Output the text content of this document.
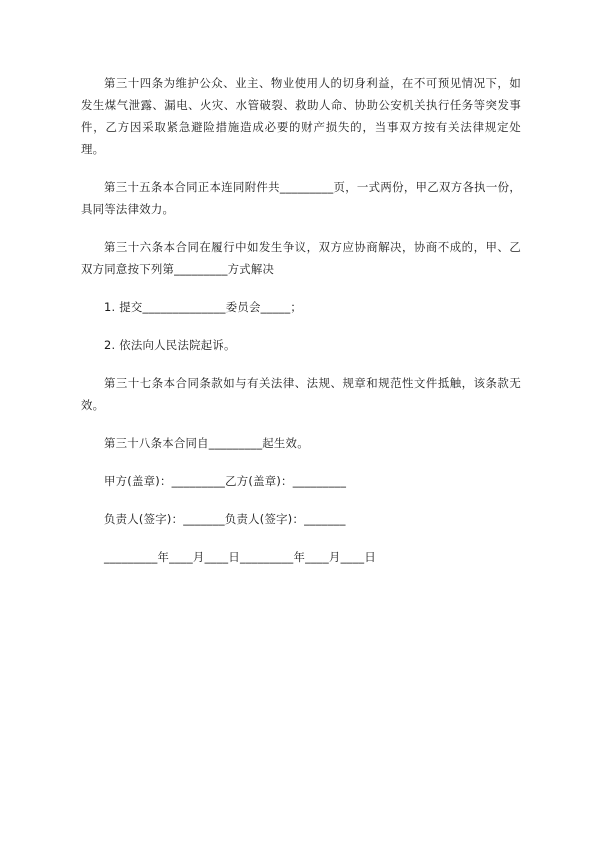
第三十四条为维护公众、业主、物业使用人的切身利益，在不可预见情况下，如发生煤气泄露、漏电、火灾、水管破裂、救助人命、协助公安机关执行任务等突发事件，乙方因采取紧急避险措施造成必要的财产损失的，当事双方按有关法律规定处理。

第三十五条本合同正本连同附件共_________页，一式两份，甲乙双方各执一份，具同等法律效力。

第三十六条本合同在履行中如发生争议，双方应协商解决，协商不成的，甲、乙双方同意按下列第_________方式解决

1. 提交______________委员会_____；

2. 依法向人民法院起诉。

第三十七条本合同条款如与有关法律、法规、规章和规范性文件抵触，该条款无效。

第三十八条本合同自_________起生效。

甲方(盖章)：_________乙方(盖章)：_________

负责人(签字)：_______负责人(签字)：_______

_________年____月____日_________年____月____日
